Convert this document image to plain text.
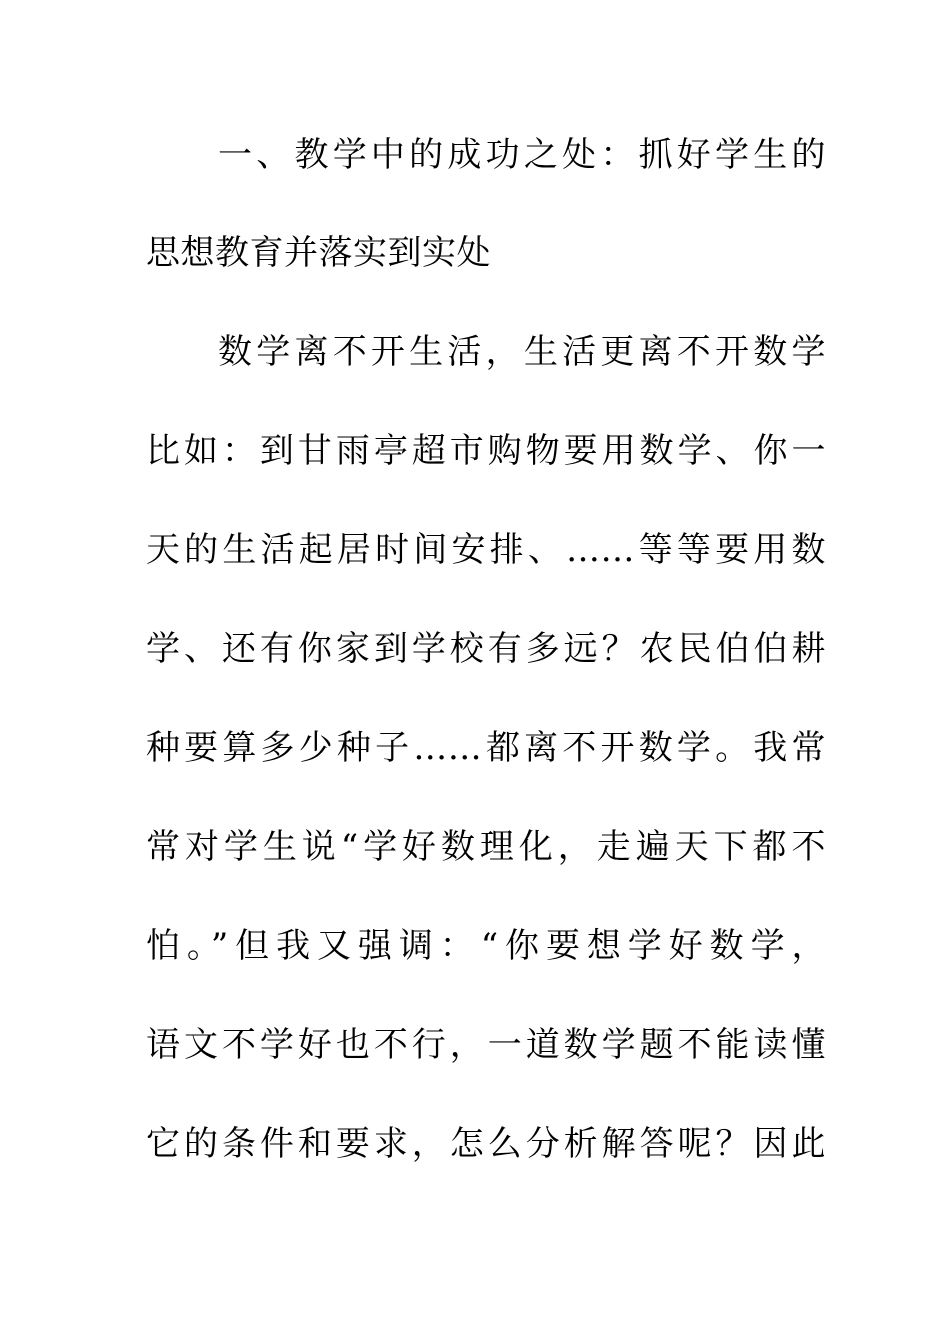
一、教学中的成功之处：抓好学生的

思想教育并落实到实处

数学离不开生活，生活更离不开数学

比如：到甘雨亭超市购物要用数学、你一

天的生活起居时间安排、……等等要用数

学、还有你家到学校有多远？农民伯伯耕

种要算多少种子……都离不开数学。我常

常对学生说“学好数理化，走遍天下都不

怕。”但我又强调：“你要想学好数学，

语文不学好也不行，一道数学题不能读懂

它的条件和要求，怎么分析解答呢？因此
